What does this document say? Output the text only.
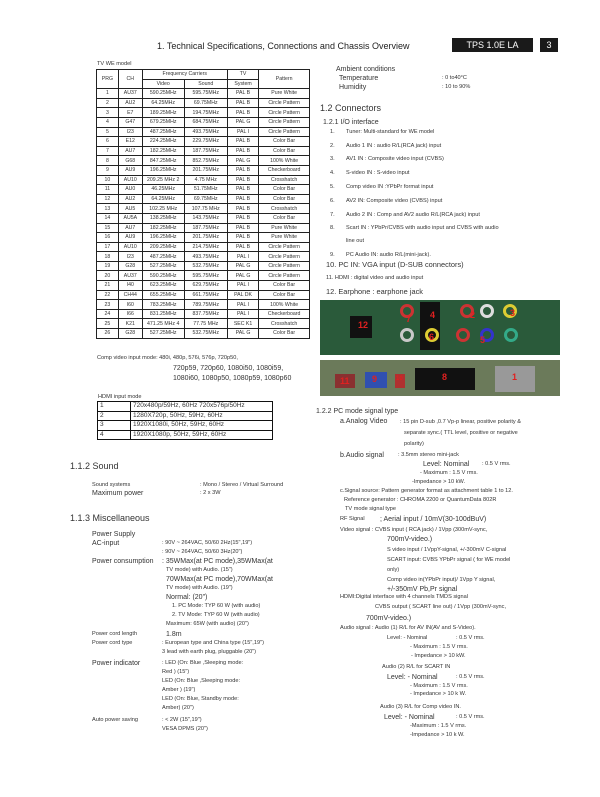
1. Technical Specifications, Connections and Chassis Overview	TPS 1.0E LA	3
TV WE model
PRG	CH	Frequency Carriers		TV	Pattern
		Video	Sound	System	
1	AU37	590.25MHz	595.75MHz	PAL B	Pure White
2	AU2	64.25MHz	69.75MHz	PAL B	Circle Pattern
3	E7	189.25MHz	194.75MHz	PAL B	Circle Pattern
4	G47	679.25MHz	684.75MHz	PAL G	Circle Pattern
5	I23	487.25MHz	493.75MHz	PAL I	Circle Pattern
6	E12	224.25MHz	229.75MHz	PAL B	Color Bar
7	AU7	182.25MHz	187.75MHz	PAL B	Color Bar
8	G68	847.25MHz	852.75MHz	PAL G	100% White
9	AU9	196.25MHz	201.75MHz	PAL B	Checkerboard
10	AU10	209.25 MHz 2	4.75 MHz	PAL B	Crosshatch
11	AU0	46.25MHz	51.75MHz	PAL B	Color Bar
12	AU2	64.25MHz	69.75MHz	PAL B	Color Bar
13	AU5	102.25 MHz	107.75 MHz	PAL B	Crosshatch
14	AU5A	138.25MHz	143.75MHz	PAL B	Color Bar
15	AU7	182.25MHz	187.75MHz	PAL B	Pure White
16	AU9	196.25MHz	201.75MHz	PAL B	Pure White
17	AU10	209.25MHz	214.75MHz	PAL B	Circle Pattern
18	I23	487.25MHz	493.75MHz	PAL I	Circle Pattern
19	G28	527.25MHz	532.75MHz	PAL G	Circle Pattern
20	AU37	590.25MHz	595.75MHz	PAL G	Circle Pattern
21	I40	623.25MHz	629.75MHz	PAL I	Color Bar
22	CH44	655.25MHz	661.75MHz	PAL DK	Color Bar
23	I60	783.25MHz	789.75MHz	PAL I	100% White
24	I66	831.25MHz	837.75MHz	PAL I	Checkerboard
25	K21	471.25 MHz 4	77.75 MHz	SEC K1	Crosshatch
26	G28	527.25MHz	532.75MHz	PAL G	Color Bar
Comp video input mode: 480i, 480p, 576i, 576p, 720p50,
720p59, 720p60, 1080i50, 1080i59,
1080i60, 1080p50, 1080p59, 1080p60
HDMI input mode
1	720x480p/59Hz, 60Hz 720x576p/50Hz
2	1280X720p, 50Hz, 59Hz, 60Hz
3	1920X1080i, 50Hz, 59Hz, 60Hz
4	1920X1080p, 50Hz, 59Hz, 60Hz
1.1.2 Sound
Sound systems	: Mono / Stereo / Virtual Surround
Maximum power	: 2 x 3W
1.1.3 Miscellaneous
Power Supply
AC-input	: 90V ~ 264VAC, 50/60 2Hz(15",19")
: 90V ~ 264VAC, 50/60 3Hz(20")
Power consumption : 35WMax(at PC mode),35WMax(at
TV mode) with Audio. (15")
70WMax(at PC mode),70WMax(at
TV mode) with Audio. (19")
Normal: (20")
1. PC Mode: TYP 60 W (with audio)
2. TV Mode: TYP 60 W (with audio)
Maximum: 65W (with audio) (20")
Power cord length	1.8m
Power cord type	: European type and China type (15",19")
3 lead with earth plug, pluggable (20")
Power indicator	: LED (On: Blue ,Sleeping mode:
Red ) (15")
LED (On: Blue ,Sleeping mode:
Amber ) (19")
LED (On: Blue, Standby mode:
Amber) (20")
Auto power saving	: < 2W (15",19")
VESA DPMS (20")
Ambient conditions
Temperature	: 0 to40°C
Humidity	: 10 to 90%
1.2 Connectors
1.2.1 I/O interface
1. Tuner: Multi-standard for WE model
2. Audio 1 IN : audio R/L(RCA jack) input
3. AV1 IN : Composite video input (CVBS)
4. S-video IN : S-video input
5. Comp video IN :YPbPr format input
6. AV2 IN: Composite video (CVBS) input
7. Audio 2 IN : Comp and AV2 audio R/L(RCA jack) input
8. Scart IN : YPbPr/CVBS with audio input and CVBS with audio
line out
9. PC Audio IN: audio R/L(mini-jack).
10. PC IN: VGA input (D-SUB connectors)
11. HDMI : digital video and audio input
12. Earphone : earphone jack
12
7 4	2	3
6	5
11 9	10	8	1
1.2.2 PC mode signal type
a.Analog Video : 15 pin D-sub ,0.7 Vp-p linear, positive polarity &
separate sync.( TTL level, positive or negative
polarity)
b.Audio signal	: 3.5mm stereo mini-jack
Level: Nominal : 0.5 V rms.
- Maximum : 1.5 V rms.
-Impedance > 10 kW.
c.Signal source: Pattern generator format as attachment table 1 to 12.
Reference generator : CHROMA 2200 or QuantumData 802R
TV mode signal type
RF Signal ; Aerial input / 10mV(30-100dBuV)
Video signal : CVBS input ( RCA jack) / 1Vpp (300mV-sync,
700mV-video.)
S video input / 1VppY-signal, +/-300mV C-signal
SCART input: CVBS YPbPr signal ( for WE model
only)
Comp video in(YPbPr input)/ 1Vpp Y signal,
+/-350mV Pb,Pr signal
HDMI:Digital interface with 4 channels TMDS signal
CVBS output ( SCART line out) / 1Vpp (300mV-sync,
700mV-video.)
Audio signal : Audio (1) R/L for AV IN(AV and S-Video).
Level: - Nominal	: 0.5 V rms.
- Maximum : 1.5 V rms.
- Impedance > 10 kW.
Audio (2) R/L for SCART IN
Level: - Nominal	: 0.5 V rms.
- Maximum : 1.5 V rms.
- Impedance > 10 k W.
Audio (3) R/L for Comp video IN.
Level: - Nominal	: 0.5 V rms.
-Maximum : 1.5 V rms.
-Impedance > 10 k W.
